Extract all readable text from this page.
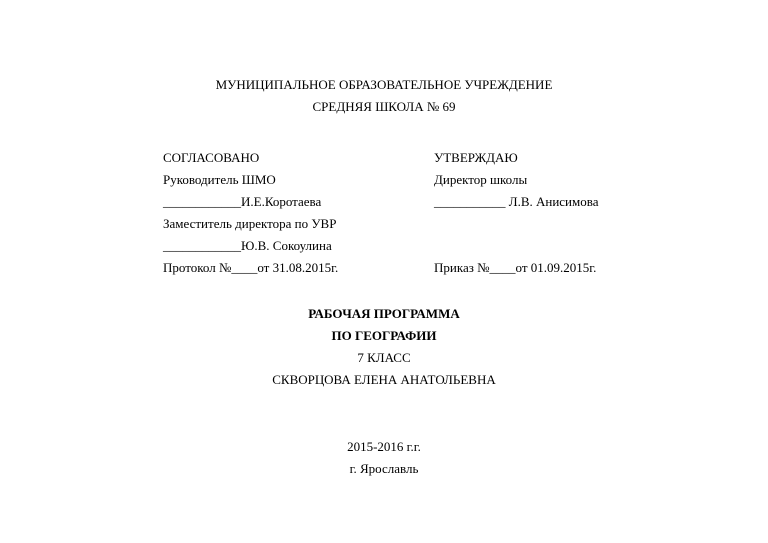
МУНИЦИПАЛЬНОЕ ОБРАЗОВАТЕЛЬНОЕ УЧРЕЖДЕНИЕ
СРЕДНЯЯ ШКОЛА № 69
СОГЛАСОВАНО	УТВЕРЖДАЮ
Руководитель ШМО	Директор школы
____________И.Е.Коротаева	___________ Л.В. Анисимова
Заместитель директора по УВР
____________Ю.В. Сокоулина
Протокол №____от 31.08.2015г.	Приказ №____от 01.09.2015г.
РАБОЧАЯ ПРОГРАММА
ПО ГЕОГРАФИИ
7 КЛАСС
СКВОРЦОВА ЕЛЕНА АНАТОЛЬЕВНА
2015-2016 г.г.
г. Ярославль
